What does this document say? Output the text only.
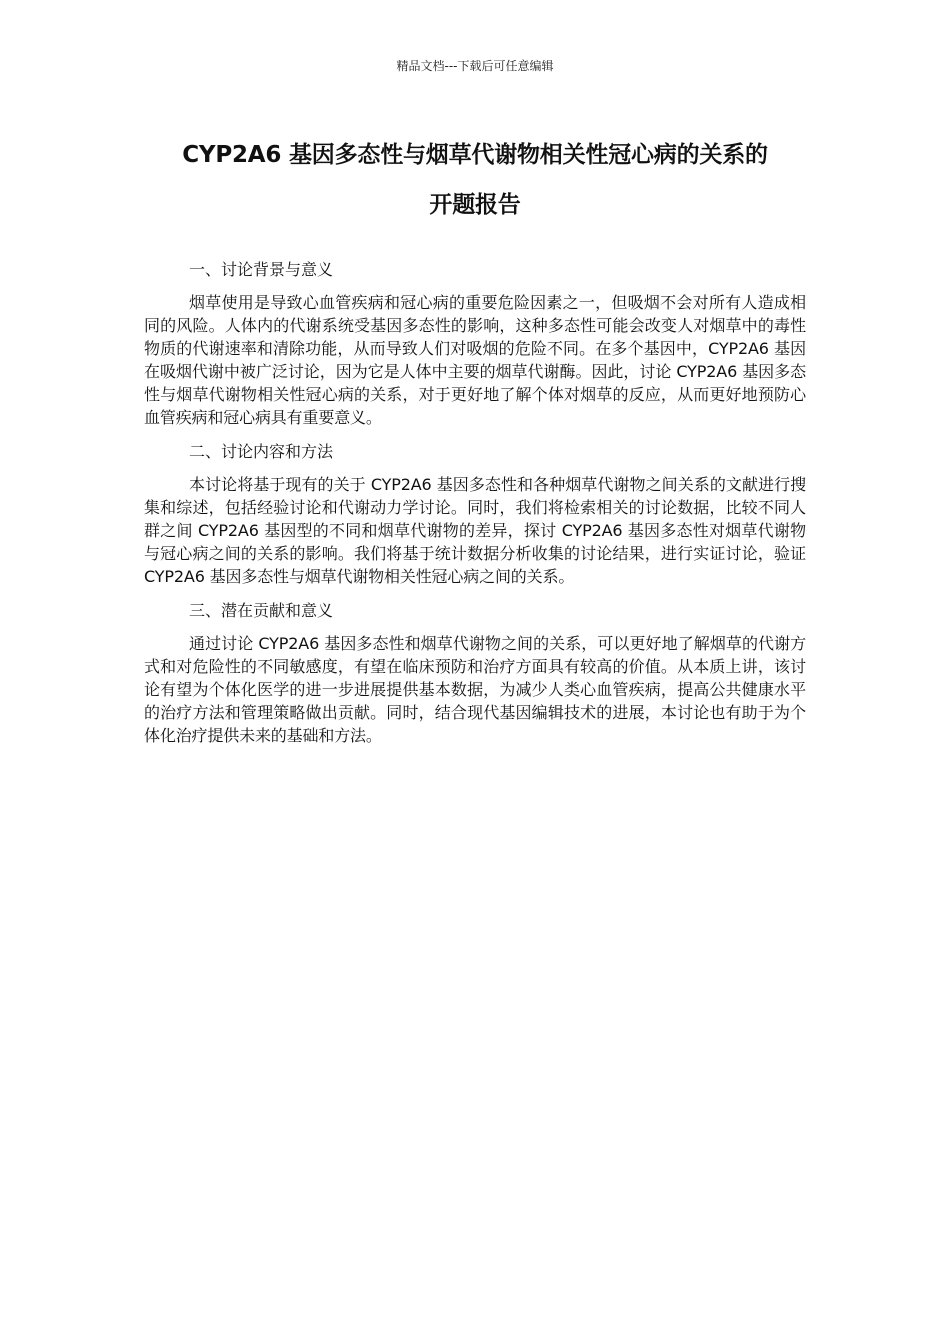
精品文档---下载后可任意编辑
CYP2A6 基因多态性与烟草代谢物相关性冠心病的关系的
开题报告
一、讨论背景与意义

烟草使用是导致心血管疾病和冠心病的重要危险因素之一，但吸烟不会对所有人造成相同的风险。人体内的代谢系统受基因多态性的影响，这种多态性可能会改变人对烟草中的毒性物质的代谢速率和清除功能，从而导致人们对吸烟的危险不同。在多个基因中，CYP2A6 基因在吸烟代谢中被广泛讨论，因为它是人体中主要的烟草代谢酶。因此，讨论 CYP2A6 基因多态性与烟草代谢物相关性冠心病的关系，对于更好地了解个体对烟草的反应，从而更好地预防心血管疾病和冠心病具有重要意义。

二、讨论内容和方法

本讨论将基于现有的关于 CYP2A6 基因多态性和各种烟草代谢物之间关系的文献进行搜集和综述，包括经验讨论和代谢动力学讨论。同时，我们将检索相关的讨论数据，比较不同人群之间 CYP2A6 基因型的不同和烟草代谢物的差异，探讨 CYP2A6 基因多态性对烟草代谢物与冠心病之间的关系的影响。我们将基于统计数据分析收集的讨论结果，进行实证讨论，验证 CYP2A6 基因多态性与烟草代谢物相关性冠心病之间的关系。

三、潜在贡献和意义

通过讨论 CYP2A6 基因多态性和烟草代谢物之间的关系，可以更好地了解烟草的代谢方式和对危险性的不同敏感度，有望在临床预防和治疗方面具有较高的价值。从本质上讲，该讨论有望为个体化医学的进一步进展提供基本数据，为减少人类心血管疾病，提高公共健康水平的治疗方法和管理策略做出贡献。同时，结合现代基因编辑技术的进展，本讨论也有助于为个体化治疗提供未来的基础和方法。
